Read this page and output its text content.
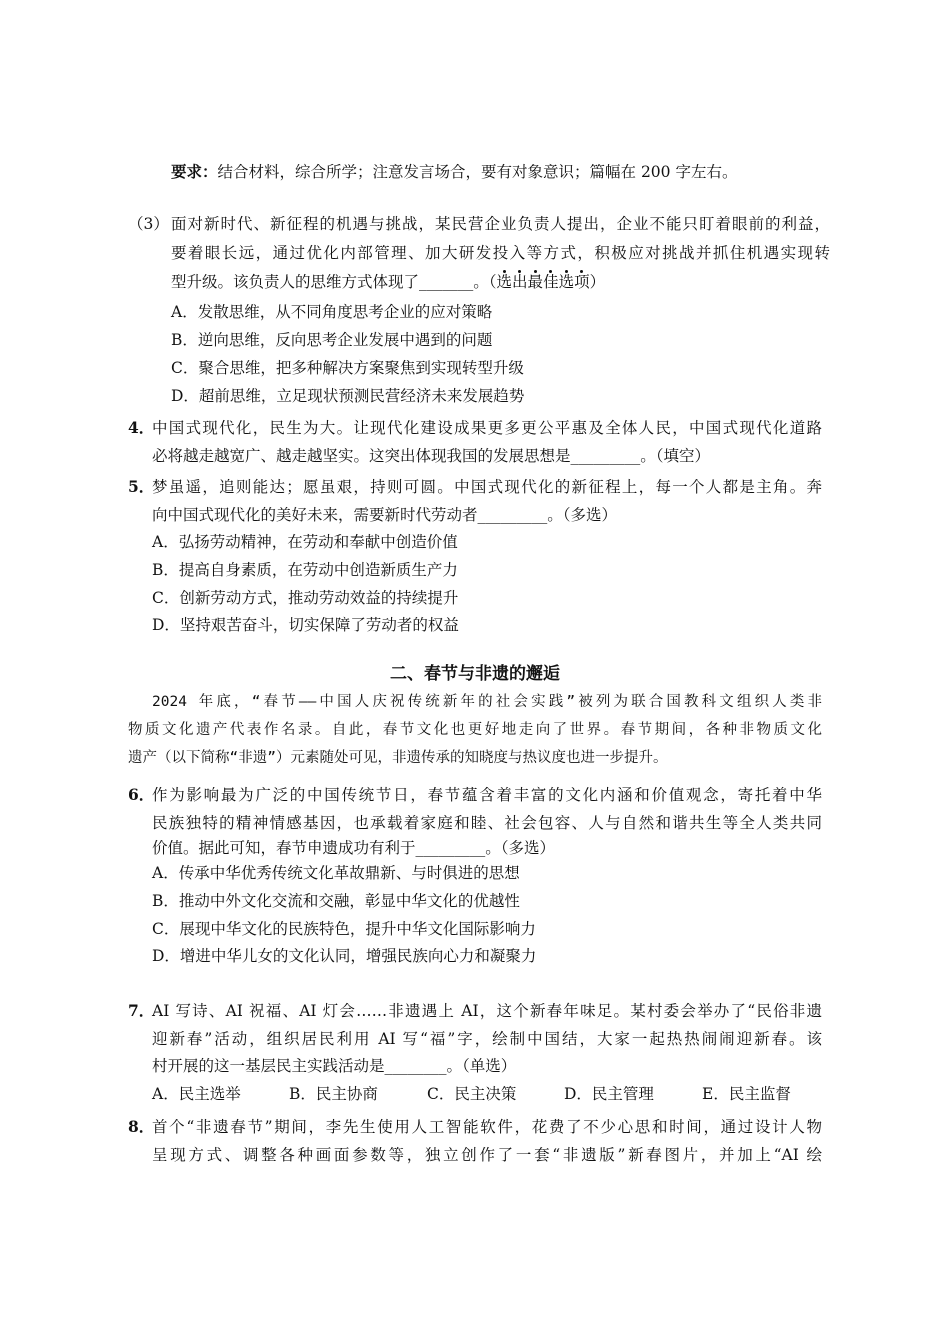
要求：结合材料，综合所学；注意发言场合，要有对象意识；篇幅在 200 字左右。
（3） 面对新时代、新征程的机遇与挑战，某民营企业负责人提出，企业不能只盯着眼前的利益，
要着眼长远，通过优化内部管理、加大研发投入等方式，积极应对挑战并抓住机遇实现转
型升级。该负责人的思维方式体现了_______。（选出最佳选项）
A．发散思维，从不同角度思考企业的应对策略
B．逆向思维，反向思考企业发展中遇到的问题
C．聚合思维，把多种解决方案聚焦到实现转型升级
D．超前思维，立足现状预测民营经济未来发展趋势
4．
中国式现代化，民生为大。让现代化建设成果更多更公平惠及全体人民，中国式现代化道路
必将越走越宽广、越走越坚实。这突出体现我国的发展思想是_________。（填空）
5．
梦虽遥，追则能达；愿虽艰，持则可圆。中国式现代化的新征程上，每一个人都是主角。奔
向中国式现代化的美好未来，需要新时代劳动者_________。（多选）
A．弘扬劳动精神，在劳动和奉献中创造价值
B．提高自身素质，在劳动中创造新质生产力
C．创新劳动方式，推动劳动效益的持续提升
D．坚持艰苦奋斗，切实保障了劳动者的权益
二、春节与非遗的邂逅
2024 年底，“春节——中国人庆祝传统新年的社会实践”被列为联合国教科文组织人类非
物质文化遗产代表作名录。自此，春节文化也更好地走向了世界。春节期间，各种非物质文化
遗产（以下简称“非遗”）元素随处可见，非遗传承的知晓度与热议度也进一步提升。
6．
作为影响最为广泛的中国传统节日，春节蕴含着丰富的文化内涵和价值观念，寄托着中华
民族独特的精神情感基因，也承载着家庭和睦、社会包容、人与自然和谐共生等全人类共同
价值。据此可知，春节申遗成功有利于_________。（多选）
A．传承中华优秀传统文化革故鼎新、与时俱进的思想
B．推动中外文化交流和交融，彰显中华文化的优越性
C．展现中华文化的民族特色，提升中华文化国际影响力
D．增进中华儿女的文化认同，增强民族向心力和凝聚力
7．
AI 写诗、AI 祝福、AI 灯会……非遗遇上 AI，这个新春年味足。某村委会举办了“民俗非遗
迎新春”活动，组织居民利用 AI 写“福”字，绘制中国结，大家一起热热闹闹迎新春。该
村开展的这一基层民主实践活动是________。（单选）
A．民主选举	B．民主协商	C．民主决策	D．民主管理	E．民主监督
8．
首个“非遗春节”期间，李先生使用人工智能软件，花费了不少心思和时间，通过设计人物
呈现方式、调整各种画面参数等，独立创作了一套“非遗版”新春图片，并加上“AI 绘
